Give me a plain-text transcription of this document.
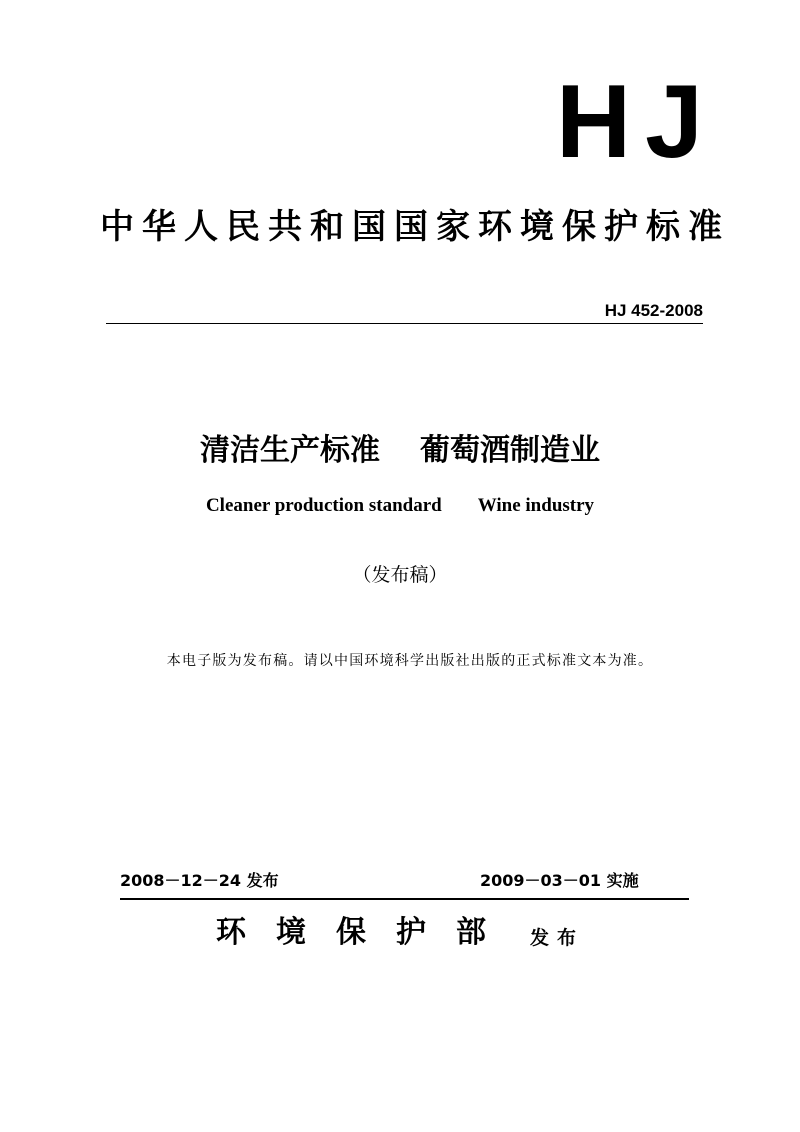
HJ
中华人民共和国国家环境保护标准
HJ 452-2008
清洁生产标准 葡萄酒制造业
Cleaner production standard Wine industry
（发布稿）
本电子版为发布稿。请以中国环境科学出版社出版的正式标准文本为准。
2008－12－24 发布	2009－03－01 实施
环境保护部 发布
